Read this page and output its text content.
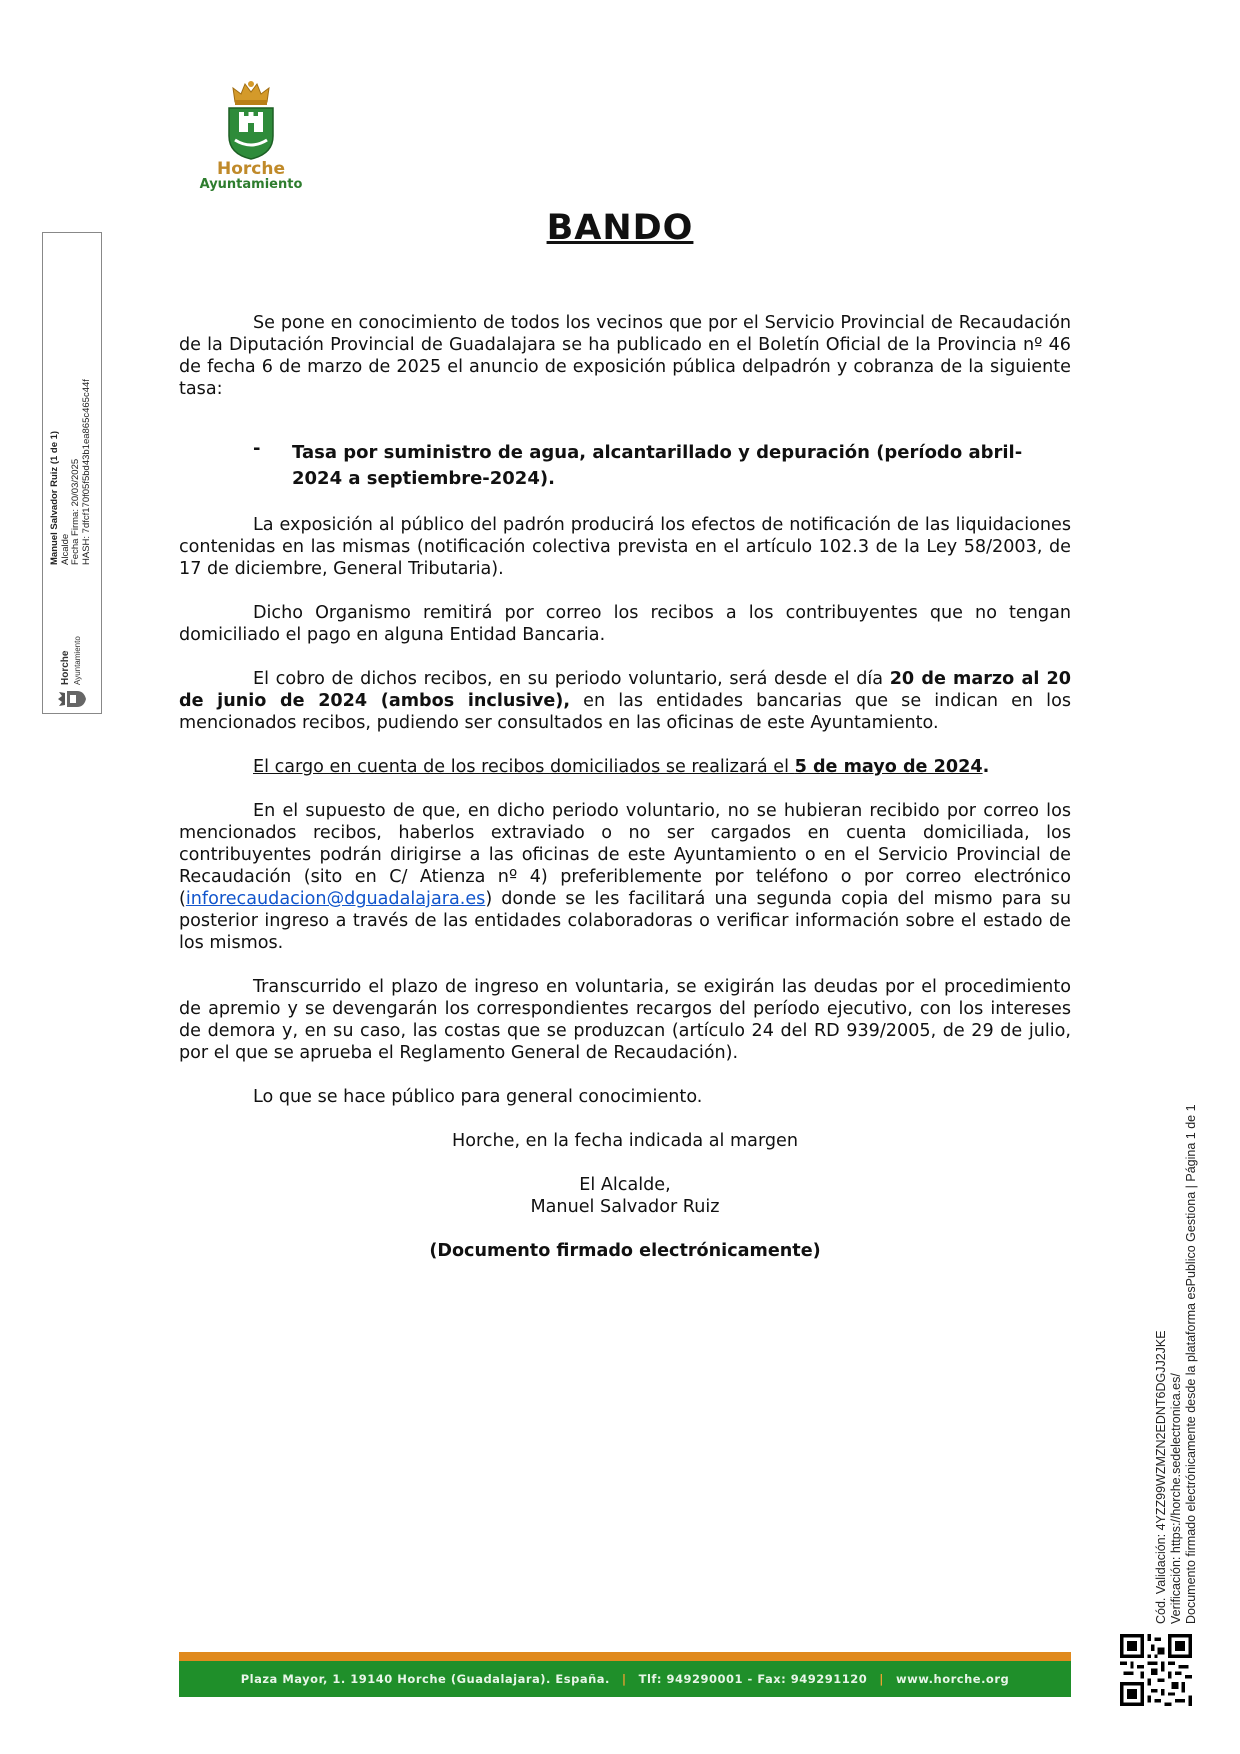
Horche
Ayuntamiento
Horche Ayuntamiento
Manuel Salvador Ruiz (1 de 1) Alcalde Fecha Firma: 20/03/2025 HASH: 7dfcf170f05f5bd43b1ea865c465c44f
BANDO

Se pone en conocimiento de todos los vecinos que por el Servicio Provincial de Recaudación de la Diputación Provincial de Guadalajara se ha publicado en el Boletín Oficial de la Provincia nº 46 de fecha 6 de marzo de 2025 el anuncio de exposición pública delpadrón y cobranza de la siguiente tasa:

- Tasa por suministro de agua, alcantarillado y depuración (período abril-
2024 a septiembre-2024).

La exposición al público del padrón producirá los efectos de notificación de las liquidaciones contenidas en las mismas (notificación colectiva prevista en el artículo 102.3 de la Ley 58/2003, de 17 de diciembre, General Tributaria).

Dicho Organismo remitirá por correo los recibos a los contribuyentes que no tengan domiciliado el pago en alguna Entidad Bancaria.

El cobro de dichos recibos, en su periodo voluntario, será desde el día 20 de marzo al 20 de junio de 2024 (ambos inclusive), en las entidades bancarias que se indican en los mencionados recibos, pudiendo ser consultados en las oficinas de este Ayuntamiento.

El cargo en cuenta de los recibos domiciliados se realizará el 5 de mayo de 2024.

En el supuesto de que, en dicho periodo voluntario, no se hubieran recibido por correo los mencionados recibos, haberlos extraviado o no ser cargados en cuenta domiciliada, los contribuyentes podrán dirigirse a las oficinas de este Ayuntamiento o en el Servicio Provincial de Recaudación (sito en C/ Atienza nº 4) preferiblemente por teléfono o por correo electrónico (inforecaudacion@dguadalajara.es) donde se les facilitará una segunda copia del mismo para su posterior ingreso a través de las entidades colaboradoras o verificar información sobre el estado de los mismos.

Transcurrido el plazo de ingreso en voluntaria, se exigirán las deudas por el procedimiento de apremio y se devengarán los correspondientes recargos del período ejecutivo, con los intereses de demora y, en su caso, las costas que se produzcan (artículo 24 del RD 939/2005, de 29 de julio, por el que se aprueba el Reglamento General de Recaudación).

Lo que se hace público para general conocimiento.

Horche, en la fecha indicada al margen

El Alcalde,

Manuel Salvador Ruiz

(Documento firmado electrónicamente)

Cód. Validación: 4YZZ99WZMZN2EDNT6DGJJ2JKE Verificación: https://horche.sedelectronica.es/ Documento firmado electrónicamente desde la plataforma esPublico Gestiona | Página 1 de 1
Plaza Mayor, 1. 19140 Horche (Guadalajara). España. | Tlf: 949290001 - Fax: 949291120 | www.horche.org
